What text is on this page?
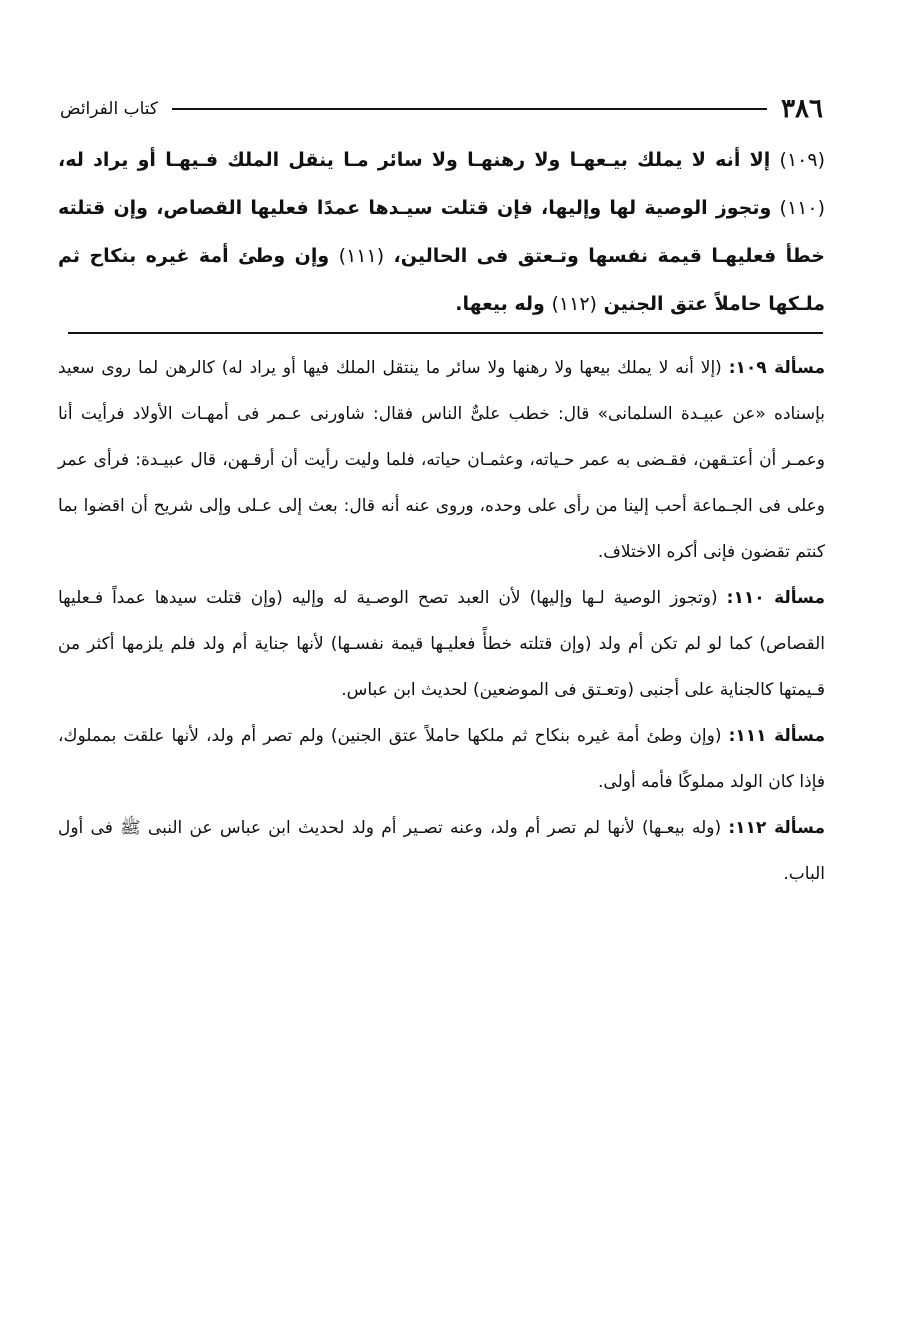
٣٨٦
كتاب الفرائض

(١٠٩) إلا أنه لا يملك بيـعهـا ولا رهنهـا ولا سائر مـا ينقل الملك فـيهـا أو يراد له، (١١٠) وتجوز الوصية لها وإليها، فإن قتلت سيـدها عمدًا فعليها القصاص، وإن قتلته خطأ فعليهـا قيمة نفسها وتـعتق فى الحالين، (١١١) وإن وطئ أمة غيره بنكاح ثم ملـكها حاملاً عتق الجنين (١١٢) وله بيعها.

مسألة ١٠٩: (إلا أنه لا يملك بيعها ولا رهنها ولا سائر ما ينتقل الملك فيها أو يراد له) كالرهن لما روى سعيد بإسناده «عن عبيـدة السلمانى» قال: خطب علىٌّ الناس فقال: شاورنى عـمر فى أمهـات الأولاد فرأيت أنا وعمـر أن أعتـقهن، فقـضى به عمر حـياته، وعثمـان حياته، فلما وليت رأيت أن أرقـهن، قال عبيـدة: فرأى عمر وعلى فى الجـماعة أحب إلينا من رأى على وحده، وروى عنه أنه قال: بعث إلى عـلى وإلى شريح أن اقضوا بما كنتم تقضون فإنى أكره الاختلاف.

مسألة ١١٠: (وتجوز الوصية لـها وإليها) لأن العبد تصح الوصـية له وإليه (وإن قتلت سيدها عمداً فـعليها القصاص) كما لو لم تكن أم ولد (وإن قتلته خطأً فعليـها قيمة نفسـها) لأنها جناية أم ولد فلم يلزمها أكثر من قـيمتها كالجناية على أجنبى (وتعـتق فى الموضعين) لحديث ابن عباس.

مسألة ١١١: (وإن وطئ أمة غيره بنكاح ثم ملكها حاملاً عتق الجنين) ولم تصر أم ولد، لأنها علقت بمملوك، فإذا كان الولد مملوكًا فأمه أولى.

مسألة ١١٢: (وله بيعـها) لأنها لم تصر أم ولد، وعنه تصـير أم ولد لحديث ابن عباس عن النبى ﷺ فى أول الباب.
